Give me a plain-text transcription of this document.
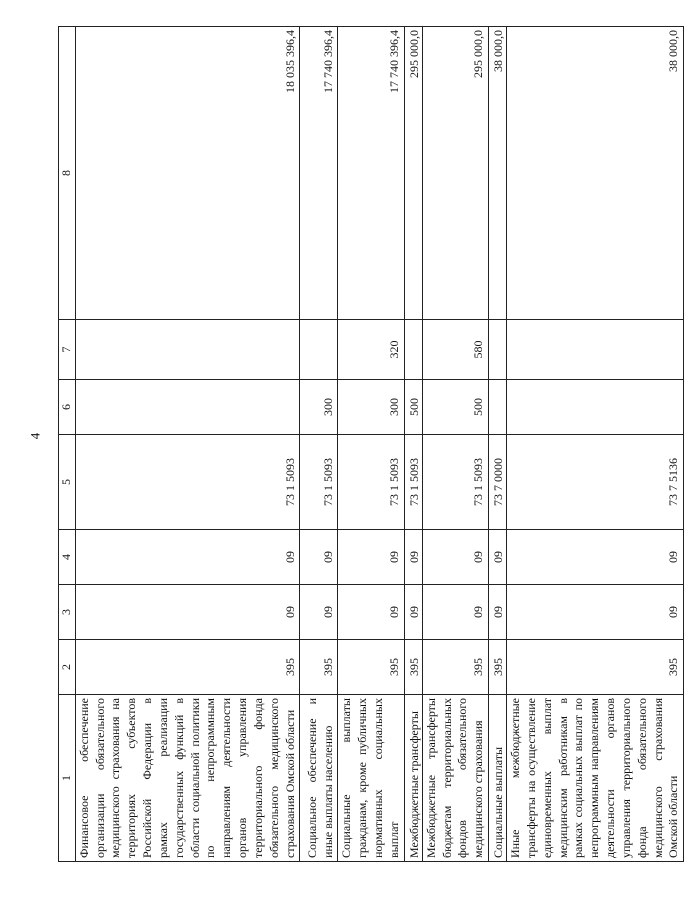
4
1	2	3	4	5	6	7	8
Финансовое обеспечение организации обязательного медицинского страхования на территориях субъектов Российской Федерации в рамках реализации государственных функций в области социальной политики по непрограммным направлениям деятельности органов управления территориального фонда обязательного медицинского страхования Омской области	395	09	09	73 1 5093			18 035 396,4
Социальное обеспечение и иные выплаты населению	395	09	09	73 1 5093	300		17 740 396,4
Социальные выплаты гражданам, кроме публичных нормативных социальных выплат	395	09	09	73 1 5093	300	320	17 740 396,4
Межбюджетные трансферты	395	09	09	73 1 5093	500		295 000,0
Межбюджетные трансферты бюджетам территориальных фондов обязательного медицинского страхования	395	09	09	73 1 5093	500	580	295 000,0
Социальные выплаты	395	09	09	73 7 0000			38 000,0
Иные межбюджетные трансферты на осуществление единовременных выплат медицинским работникам в рамках социальных выплат по непрограммным направлениям деятельности органов управления территориального фонда обязательного медицинского страхования Омской области	395	09	09	73 7 5136			38 000,0
